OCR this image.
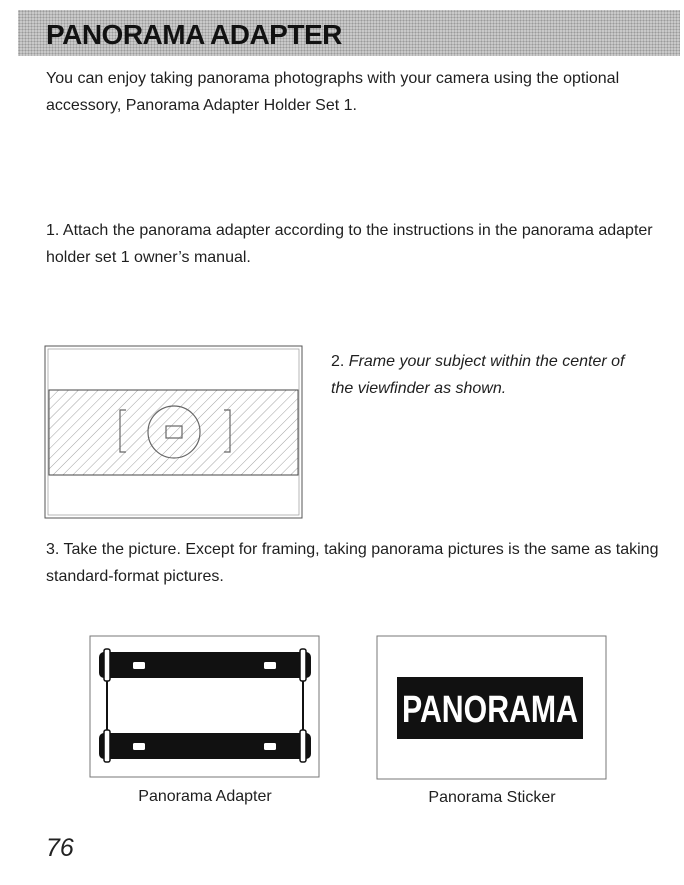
PANORAMA ADAPTER

You can enjoy taking panorama photographs with your camera using the optional accessory, Panorama Adapter Holder Set 1.

1. Attach the panorama adapter according to the instructions in the panorama adapter holder set 1 owner’s manual.

2. Frame your subject within the center of the viewfinder as shown.

3. Take the picture. Except for framing, taking panorama pictures is the same as taking standard-format pictures.

Panorama Adapter

PANORAMA

Panorama Sticker

76
